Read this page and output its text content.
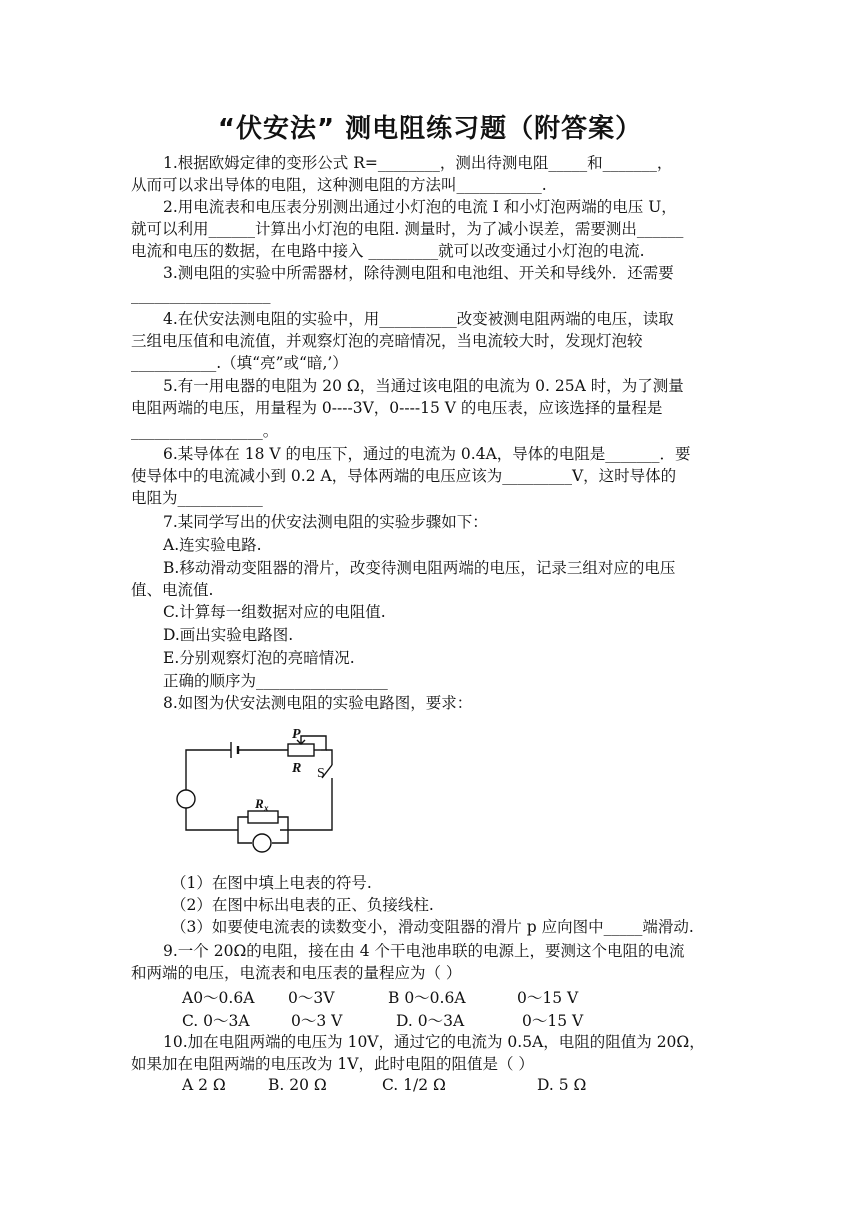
“伏安法” 测电阻练习题（附答案）
1.根据欧姆定律的变形公式 R=________，测出待测电阻_____和_______，
从而可以求出导体的电阻，这种测电阻的方法叫___________.
2.用电流表和电压表分别测出通过小灯泡的电流 I 和小灯泡两端的电压 U，
就可以利用______计算出小灯泡的电阻. 测量时，为了减小误差，需要测出______
电流和电压的数据，在电路中接入 _________就可以改变通过小灯泡的电流.
3.测电阻的实验中所需器材，除待测电阻和电池组、开关和导线外．还需要
__________________
4.在伏安法测电阻的实验中，用__________改变被测电阻两端的电压，读取
三组电压值和电流值，并观察灯泡的亮暗情况，当电流较大时，发现灯泡较
___________.（填“亮”或“暗,’）
5.有一用电器的电阻为 20 Ω，当通过该电阻的电流为 0. 25A 时，为了测量
电阻两端的电压，用量程为 0----3V，0----15 V 的电压表，应该选择的量程是
_________________。
6.某导体在 18 V 的电压下，通过的电流为 0.4A，导体的电阻是_______．要
使导体中的电流减小到 0.2 A，导体两端的电压应该为_________V，这时导体的
电阻为___________
7.某同学写出的伏安法测电阻的实验步骤如下：
A.连实验电路.
B.移动滑动变阻器的滑片，改变待测电阻两端的电压，记录三组对应的电压
值、电流值.
C.计算每一组数据对应的电阻值.
D.画出实验电路图.
E.分别观察灯泡的亮暗情况.
正确的顺序为_________________
8.如图为伏安法测电阻的实验电路图，要求：
P
R
R x
S
（1）在图中填上电表的符号.
（2）在图中标出电表的正、负接线柱.
（3）如要使电流表的读数变小，滑动变阻器的滑片 p 应向图中_____端滑动.
9.一个 20Ω的电阻，接在由 4 个干电池串联的电源上，要测这个电阻的电流
和两端的电压，电流表和电压表的量程应为（ ）
A0～0.6A 0～3V	B 0～0.6A	0～15 V
C. 0～3A	0～3 V	D. 0～3A	0～15 V
10.加在电阻两端的电压为 10V，通过它的电流为 0.5A，电阻的阻值为 20Ω，
如果加在电阻两端的电压改为 1V，此时电阻的阻值是（ ）
A 2 Ω	B. 20 Ω	C. 1/2 Ω	D. 5 Ω
